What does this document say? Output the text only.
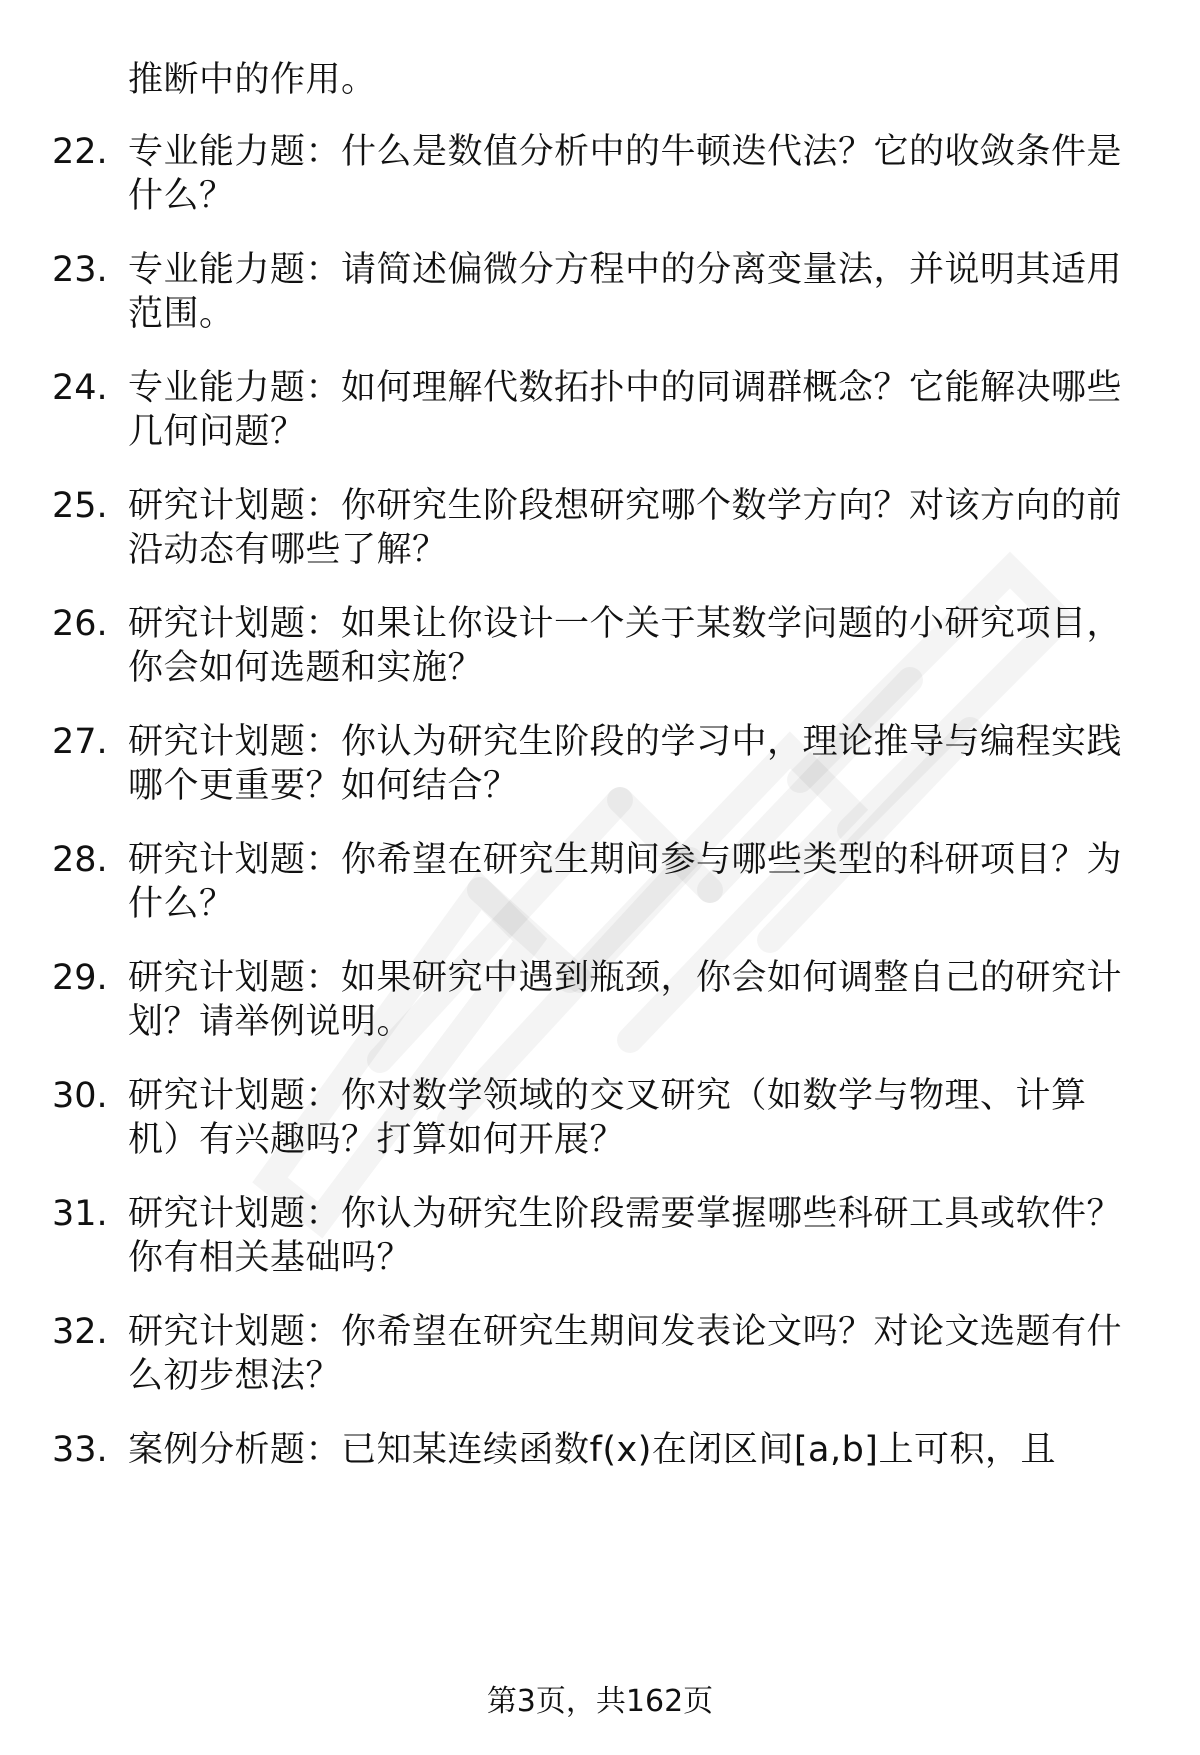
推断中的作用。
22. 专业能力题：什么是数值分析中的牛顿迭代法？它的收敛条件是
什么？
23. 专业能力题：请简述偏微分方程中的分离变量法，并说明其适用
范围。
24. 专业能力题：如何理解代数拓扑中的同调群概念？它能解决哪些
几何问题？
25. 研究计划题：你研究生阶段想研究哪个数学方向？对该方向的前
沿动态有哪些了解？
26. 研究计划题：如果让你设计一个关于某数学问题的小研究项目，
你会如何选题和实施？
27. 研究计划题：你认为研究生阶段的学习中，理论推导与编程实践
哪个更重要？如何结合？
28. 研究计划题：你希望在研究生期间参与哪些类型的科研项目？为
什么？
29. 研究计划题：如果研究中遇到瓶颈，你会如何调整自己的研究计
划？请举例说明。
30. 研究计划题：你对数学领域的交叉研究（如数学与物理、计算
机）有兴趣吗？打算如何开展？
31. 研究计划题：你认为研究生阶段需要掌握哪些科研工具或软件？
你有相关基础吗？
32. 研究计划题：你希望在研究生期间发表论文吗？对论文选题有什
么初步想法？
33. 案例分析题：已知某连续函数f(x)在闭区间[a,b]上可积，且
第3页，共162页
